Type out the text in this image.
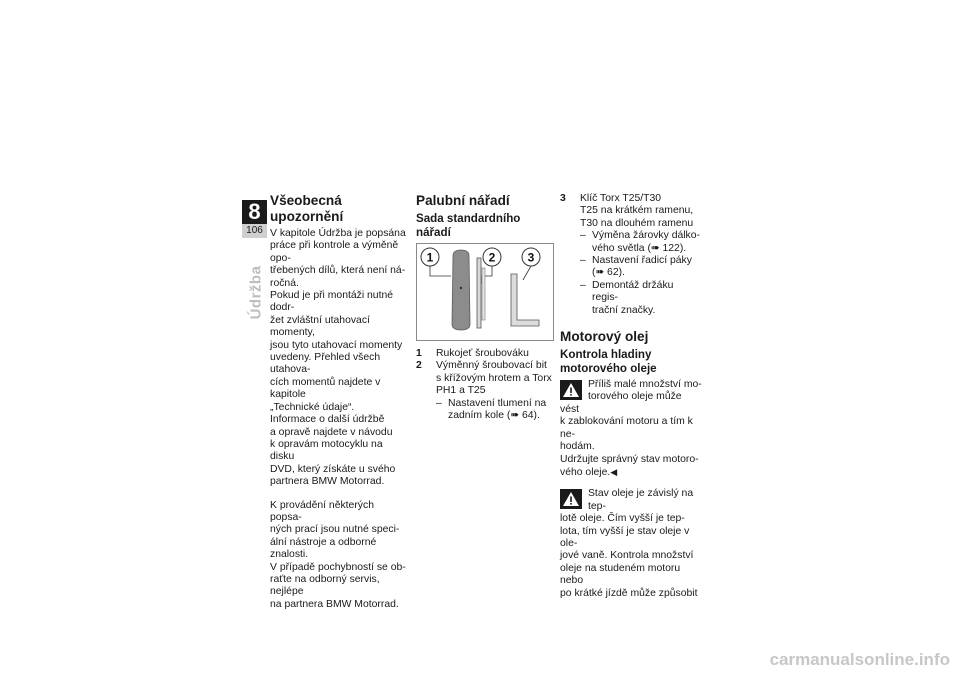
8
106
Údržba
Všeobecná upozornění

V kapitole Údržba je popsána
práce při kontrole a výměně opo-
třebených dílů, která není ná-
ročná.
Pokud je při montáži nutné dodr-
žet zvláštní utahovací momenty,
jsou tyto utahovací momenty
uvedeny. Přehled všech utahova-
cích momentů najdete v kapitole
„Technické údaje“.
Informace o další údržbě
a opravě najdete v návodu
k opravám motocyklu na disku
DVD, který získáte u svého
partnera BMW Motorrad.

K provádění některých popsa-
ných prací jsou nutné speci-
ální nástroje a odborné znalosti.
V případě pochybností se ob-
raťte na odborný servis, nejlépe
na partnera BMW Motorrad.

Palubní nářadí
Sada standardního nářadí
1	2	3
1 Rukojeť šroubováku
2 Výměnný šroubovací bit
s křížovým hrotem a Torx
PH1 a T25
– Nastavení tlumení na
zadním kole (➠ 64).
3 Klíč Torx T25/T30
T25 na krátkém ramenu,
T30 na dlouhém ramenu
– Výměna žárovky dálko-
vého světla (➠ 122).
– Nastavení řadicí páky
(➠ 62).
– Demontáž držáku regis-
trační značky.
Motorový olej
Kontrola hladiny
motorového oleje
Příliš malé množství mo-
torového oleje může vést
k zablokování motoru a tím k ne-
hodám.
Udržujte správný stav motoro-
vého oleje.◀
Stav oleje je závislý na tep-
lotě oleje. Čím vyšší je tep-
lota, tím vyšší je stav oleje v ole-
jové vaně. Kontrola množství
oleje na studeném motoru nebo
po krátké jízdě může způsobit
carmanualsonline.info
